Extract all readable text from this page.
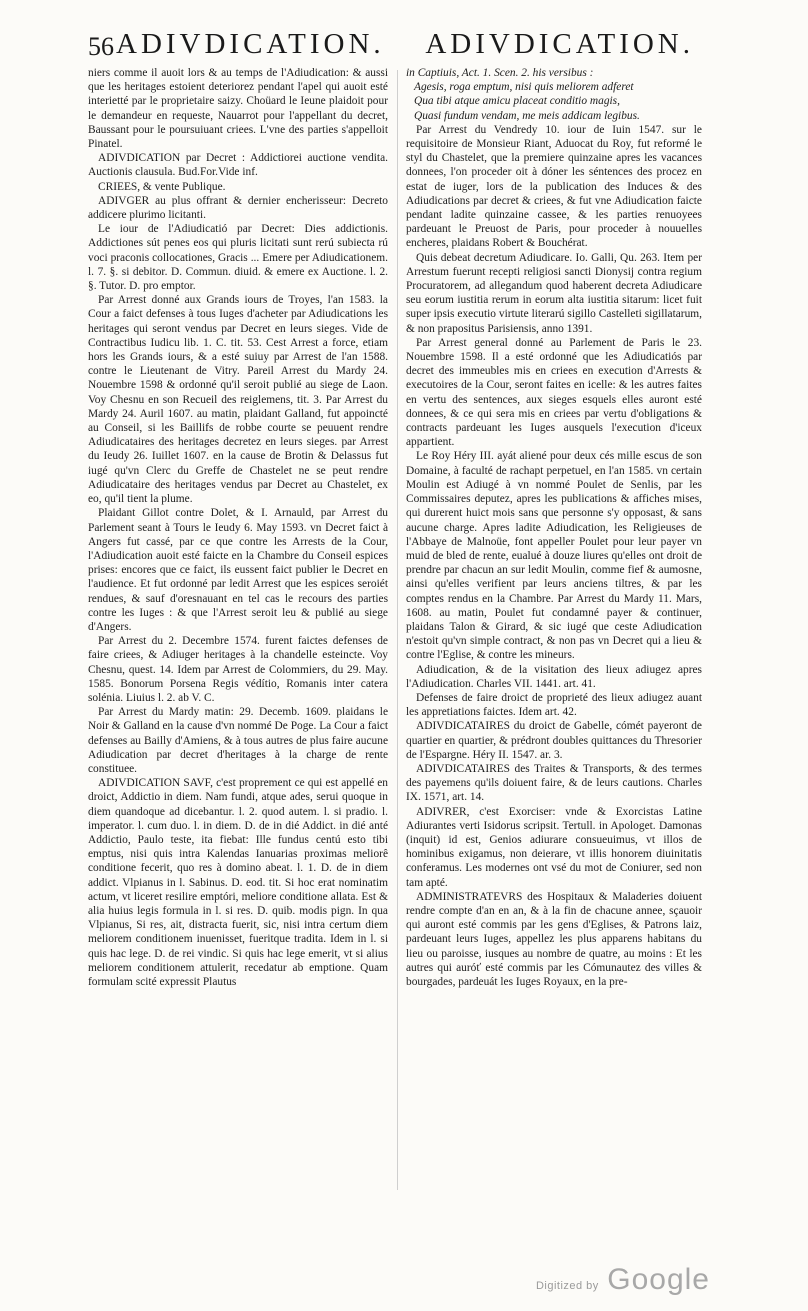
56 ADIVDICATION. ADIVDICATION.

niers comme il auoit lors & au temps de l'Adiudication: & aussi que les heritages estoient deteriorez pendant l'apel qui auoit esté interietté par le proprietaire saizy. Choüard le Ieune plaidoit pour le demandeur en requeste, Nauarrot pour l'appellant du decret, Baussant pour le poursuiuant criees. L'vne des parties s'appelloit Pinatel.

ADIVDICATION par Decret : Addictiorei auctione vendita. Auctionis clausula. Bud.For.Vide inf.

CRIEES, & vente Publique.

ADIVGER au plus offrant & dernier encherisseur: Decreto addicere plurimo licitanti.

Le iour de l'Adiudicatió par Decret: Dies addictionis. Addictiones sút penes eos qui pluris licitati sunt rerú subiecta rú voci praconis collocationes, Gracis ... Emere per Adiudicationem. l. 7. §. si debitor. D. Commun. diuid. & emere ex Auctione. l. 2. §. Tutor. D. pro emptor.

Par Arrest donné aux Grands iours de Troyes, l'an 1583. la Cour a faict defenses à tous Iuges d'acheter par Adiudications les heritages qui seront vendus par Decret en leurs sieges. Vide de Contractibus Iudicu lib. 1. C. tit. 53. Cest Arrest a force, etiam hors les Grands iours, & a esté suiuy par Arrest de l'an 1588. contre le Lieutenant de Vitry. Pareil Arrest du Mardy 24. Nouembre 1598 & ordonné qu'il seroit publié au siege de Laon. Voy Chesnu en son Recueil des reiglemens, tit. 3. Par Arrest du Mardy 24. Auril 1607. au matin, plaidant Galland, fut appoincté au Conseil, si les Baillifs de robbe courte se peuuent rendre Adiudicataires des heritages decretez en leurs sieges. par Arrest du Ieudy 26. Iuillet 1607. en la cause de Brotin & Delassus fut iugé qu'vn Clerc du Greffe de Chastelet ne se peut rendre Adiudicataire des heritages vendus par Decret au Chastelet, ex eo, qu'il tient la plume.

Plaidant Gillot contre Dolet, & I. Arnauld, par Arrest du Parlement seant à Tours le Ieudy 6. May 1593. vn Decret faict à Angers fut cassé, par ce que contre les Arrests de la Cour, l'Adiudication auoit esté faicte en la Chambre du Conseil espices prises: encores que ce faict, ils eussent faict publier le Decret en l'audience. Et fut ordonné par ledit Arrest que les espices seroiét rendues, & sauf d'oresnauant en tel cas le recours des parties contre les Iuges : & que l'Arrest seroit leu & publié au siege d'Angers.

Par Arrest du 2. Decembre 1574. furent faictes defenses de faire criees, & Adiuger heritages à la chandelle esteincte. Voy Chesnu, quest. 14. Idem par Arrest de Colommiers, du 29. May. 1585. Bonorum Porsena Regis védítio, Romanis inter catera solénia. Liuius l. 2. ab V. C.

Par Arrest du Mardy matin: 29. Decemb. 1609. plaidans le Noir & Galland en la cause d'vn nommé De Poge. La Cour a faict defenses au Bailly d'Amiens, & à tous autres de plus faire aucune Adiudication par decret d'heritages à la charge de rente constituee.

ADIVDICATION SAVF, c'est proprement ce qui est appellé en droict, Addictio in diem. Nam fundi, atque ades, serui quoque in diem quandoque ad dicebantur. l. 2. quod autem. l. si pradio. l. imperator. l. cum duo. l. in diem. D. de in dié Addict. in dié anté Addictio, Paulo teste, ita fiebat: Ille fundus centú esto tibi emptus, nisi quis intra Kalendas Ianuarias proximas meliorê conditione fecerit, quo res à domino abeat. l. 1. D. de in diem addict. Vlpianus in l. Sabinus. D. eod. tit. Si hoc erat nominatim actum, vt liceret resilire emptóri, meliore conditione allata. Est & alia huius legis formula in l. si res. D. quib. modis pign. In qua Vlpianus, Si res, ait, distracta fuerit, sic, nisi intra certum diem meliorem conditionem inuenisset, fueritque tradita. Idem in l. si quis hac lege. D. de rei vindic. Si quis hac lege emerit, vt si alius meliorem conditionem attulerit, recedatur ab emptione. Quam formulam scité expressit Plautus

in Captiuis, Act. 1. Scen. 2. his versibus :

Agesis, roga emptum, nisi quis meliorem adferet

Qua tibi atque amicu placeat conditio magis,

Quasi fundum vendam, me meis addicam legibus.

Par Arrest du Vendredy 10. iour de Iuin 1547. sur le requisitoire de Monsieur Riant, Aduocat du Roy, fut reformé le styl du Chastelet, que la premiere quinzaine apres les vacances donnees, l'on proceder oit à dóner les séntences des procez en estat de iuger, lors de la publication des Induces & des Adiudications par decret & criees, & fut vne Adiudication faicte pendant ladite quinzaine cassee, & les parties renuoyees pardeuant le Preuost de Paris, pour proceder à nouuelles encheres, plaidans Robert & Bouchérat.

Quis debeat decretum Adiudicare. Io. Galli, Qu. 263. Item per Arrestum fuerunt recepti religiosi sancti Dionysij contra regium Procuratorem, ad allegandum quod haberent decreta Adiudicare seu eorum iustitia rerum in eorum alta iustitia sitarum: licet fuit super ipsis executio virtute literarú sigillo Castelleti sigillatarum, & non prapositus Parisiensis, anno 1391.

Par Arrest general donné au Parlement de Paris le 23. Nouembre 1598. Il a esté ordonné que les Adiudicatiós par decret des immeubles mis en criees en execution d'Arrests & executoires de la Cour, seront faites en icelle: & les autres faites en vertu des sentences, aux sieges esquels elles auront esté donnees, & ce qui sera mis en criees par vertu d'obligations & contracts pardeuant les Iuges ausquels l'execution d'iceux appartient.

Le Roy Héry III. ayát aliené pour deux cés mille escus de son Domaine, à faculté de rachapt perpetuel, en l'an 1585. vn certain Moulin est Adiugé à vn nommé Poulet de Senlis, par les Commissaires deputez, apres les publications & affiches mises, qui durerent huict mois sans que personne s'y opposast, & sans aucune charge. Apres ladite Adiudication, les Religieuses de l'Abbaye de Malnoüe, font appeller Poulet pour leur payer vn muid de bled de rente, eualué à douze liures qu'elles ont droit de prendre par chacun an sur ledit Moulin, comme fief & aumosne, ainsi qu'elles verifient par leurs anciens tiltres, & par les comptes rendus en la Chambre. Par Arrest du Mardy 11. Mars, 1608. au matin, Poulet fut condamné payer & continuer, plaidans Talon & Girard, & sic iugé que ceste Adiudication n'estoit qu'vn simple contract, & non pas vn Decret qui a lieu & contre l'Eglise, & contre les mineurs.

Adiudication, & de la visitation des lieux adiugez apres l'Adiudication. Charles VII. 1441. art. 41.

Defenses de faire droict de proprieté des lieux adiugez auant les appretiations faictes. Idem art. 42.

ADIVDICATAIRES du droict de Gabelle, cómét payeront de quartier en quartier, & prédront doubles quittances du Thresorier de l'Espargne. Héry II. 1547. ar. 3.

ADIVDICATAIRES des Traites & Transports, & des termes des payemens qu'ils doiuent faire, & de leurs cautions. Charles IX. 1571, art. 14.

ADIVRER, c'est Exorciser: vnde & Exorcistas Latine Adiurantes verti Isidorus scripsit. Tertull. in Apologet. Damonas (inquit) id est, Genios adiurare consueuimus, vt illos de hominibus exigamus, non deierare, vt illis honorem diuinitatis conferamus. Les modernes ont vsé du mot de Coniurer, sed non tam apté.

ADMINISTRATEVRS des Hospitaux & Maladeries doiuent rendre compte d'an en an, & à la fin de chacune annee, sçauoir qui auront esté commis par les gens d'Eglises, & Patrons laiz, pardeuant leurs Iuges, appellez les plus apparens habitans du lieu ou paroisse, iusques au nombre de quatre, au moins : Et les autres qui auróť esté commis par les Cómunautez des villes & bourgades, pardeuát les Iuges Royaux, en la pre-

Digitized by Google
